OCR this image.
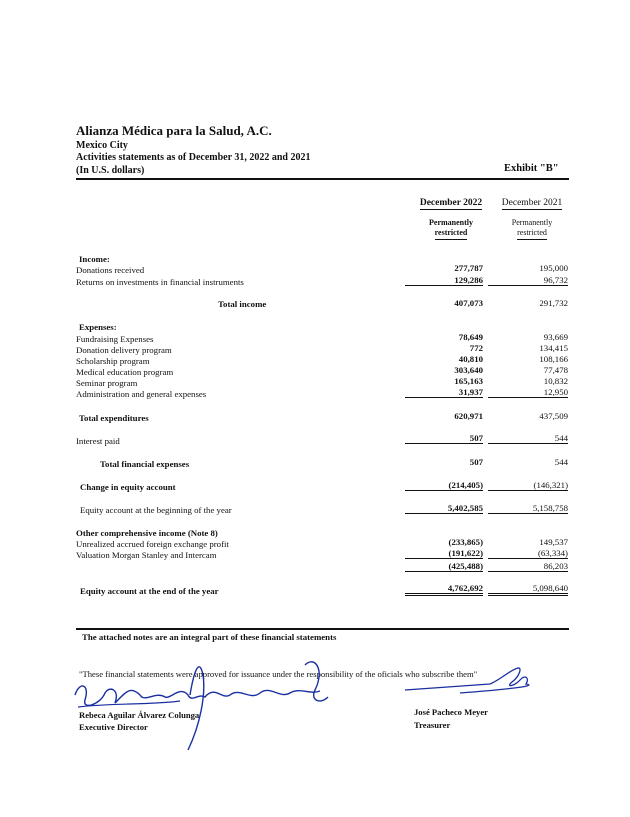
Alianza Médica para la Salud, A.C.
Mexico City
Activities statements as of December 31, 2022 and 2021
(In U.S. dollars)	Exhibit "B"
December 2022	December 2021
Permanently
restricted
Permanently
restricted
Income:
Donations received	277,787	195,000
Returns on investments in financial instruments	129,286	96,732
Total income	407,073	291,732
Expenses:
Fundraising Expenses	78,649	93,669
Donation delivery program	772	134,415
Scholarship program	40,810	108,166
Medical education program	303,640	77,478
Seminar program	165,163	10,832
Administration and general expenses	31,937	12,950
Total expenditures	620,971	437,509
Interest paid	507	544
Total financial expenses	507	544
Change in equity account	(214,405)	(146,321)
Equity account at the beginning of the year	5,402,585	5,158,758
Other comprehensive income (Note 8)
Unrealized accrued foreign exchange profit	(233,865)	149,537
Valuation Morgan Stanley and Intercam	(191,622)	(63,334)
(425,488)	86,203
Equity account at the end of the year	4,762,692	5,098,640
The attached notes are an integral part of these financial statements
"These financial statements were approved for issuance under the responsibility of the oficials who subscribe them"
Rebeca Aguilar Álvarez Colunga
Executive Director
José Pacheco Meyer
Treasurer
